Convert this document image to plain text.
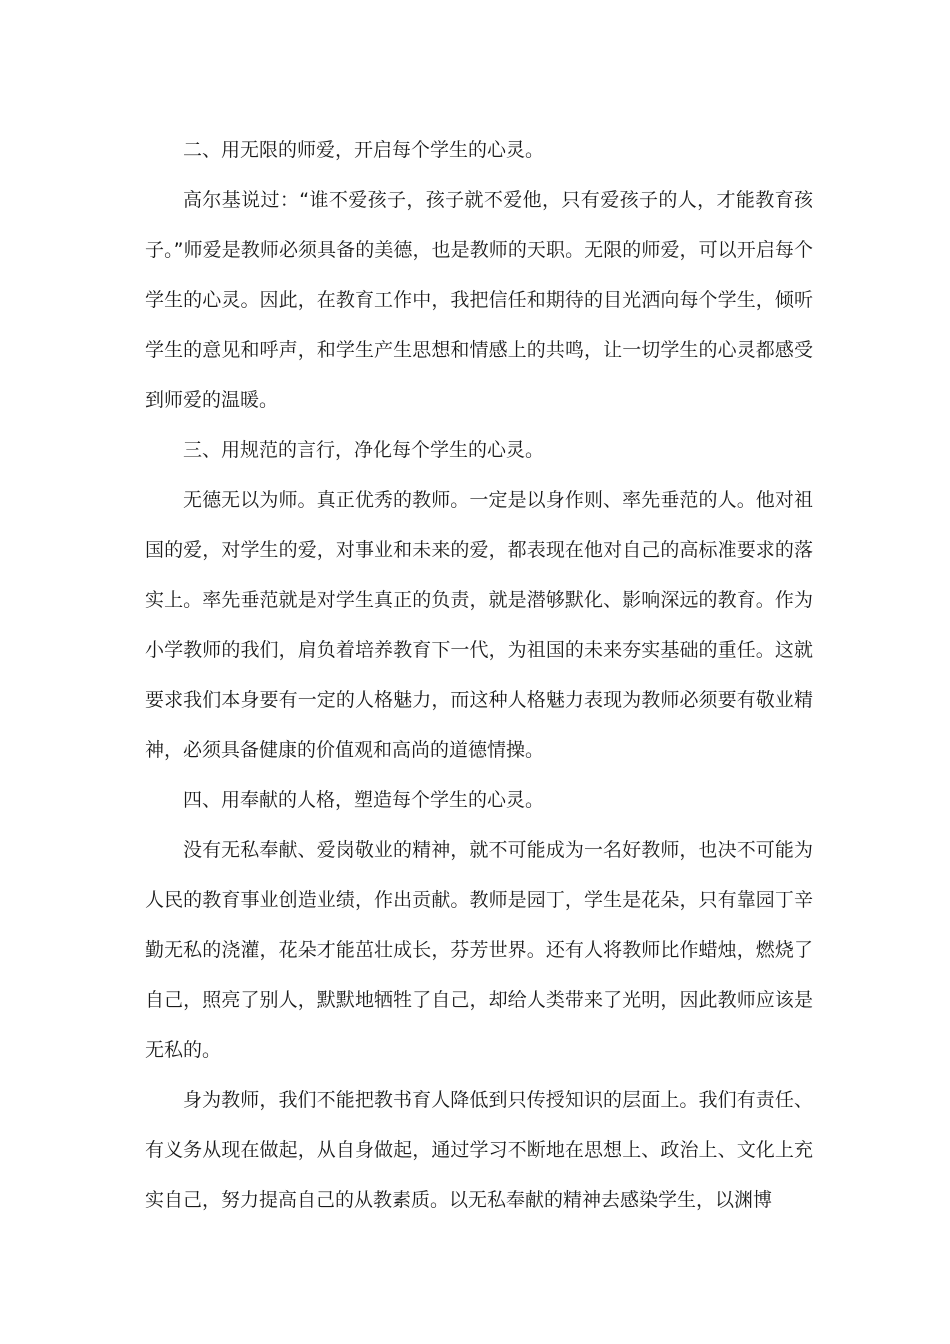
二、用无限的师爱，开启每个学生的心灵。

高尔基说过：“谁不爱孩子，孩子就不爱他，只有爱孩子的人，才能教育孩子。”师爱是教师必须具备的美德，也是教师的天职。无限的师爱，可以开启每个学生的心灵。因此，在教育工作中，我把信任和期待的目光洒向每个学生，倾听学生的意见和呼声，和学生产生思想和情感上的共鸣，让一切学生的心灵都感受到师爱的温暖。

三、用规范的言行，净化每个学生的心灵。

无德无以为师。真正优秀的教师。一定是以身作则、率先垂范的人。他对祖国的爱，对学生的爱，对事业和未来的爱，都表现在他对自己的高标准要求的落实上。率先垂范就是对学生真正的负责，就是潜够默化、影响深远的教育。作为小学教师的我们，肩负着培养教育下一代，为祖国的未来夯实基础的重任。这就要求我们本身要有一定的人格魅力，而这种人格魅力表现为教师必须要有敬业精神，必须具备健康的价值观和高尚的道德情操。

四、用奉献的人格，塑造每个学生的心灵。

没有无私奉献、爱岗敬业的精神，就不可能成为一名好教师，也决不可能为人民的教育事业创造业绩，作出贡献。教师是园丁，学生是花朵，只有靠园丁辛勤无私的浇灌，花朵才能茁壮成长，芬芳世界。还有人将教师比作蜡烛，燃烧了自己，照亮了别人，默默地牺牲了自己，却给人类带来了光明，因此教师应该是无私的。

身为教师，我们不能把教书育人降低到只传授知识的层面上。我们有责任、有义务从现在做起，从自身做起，通过学习不断地在思想上、政治上、文化上充实自己，努力提高自己的从教素质。以无私奉献的精神去感染学生，以渊博
